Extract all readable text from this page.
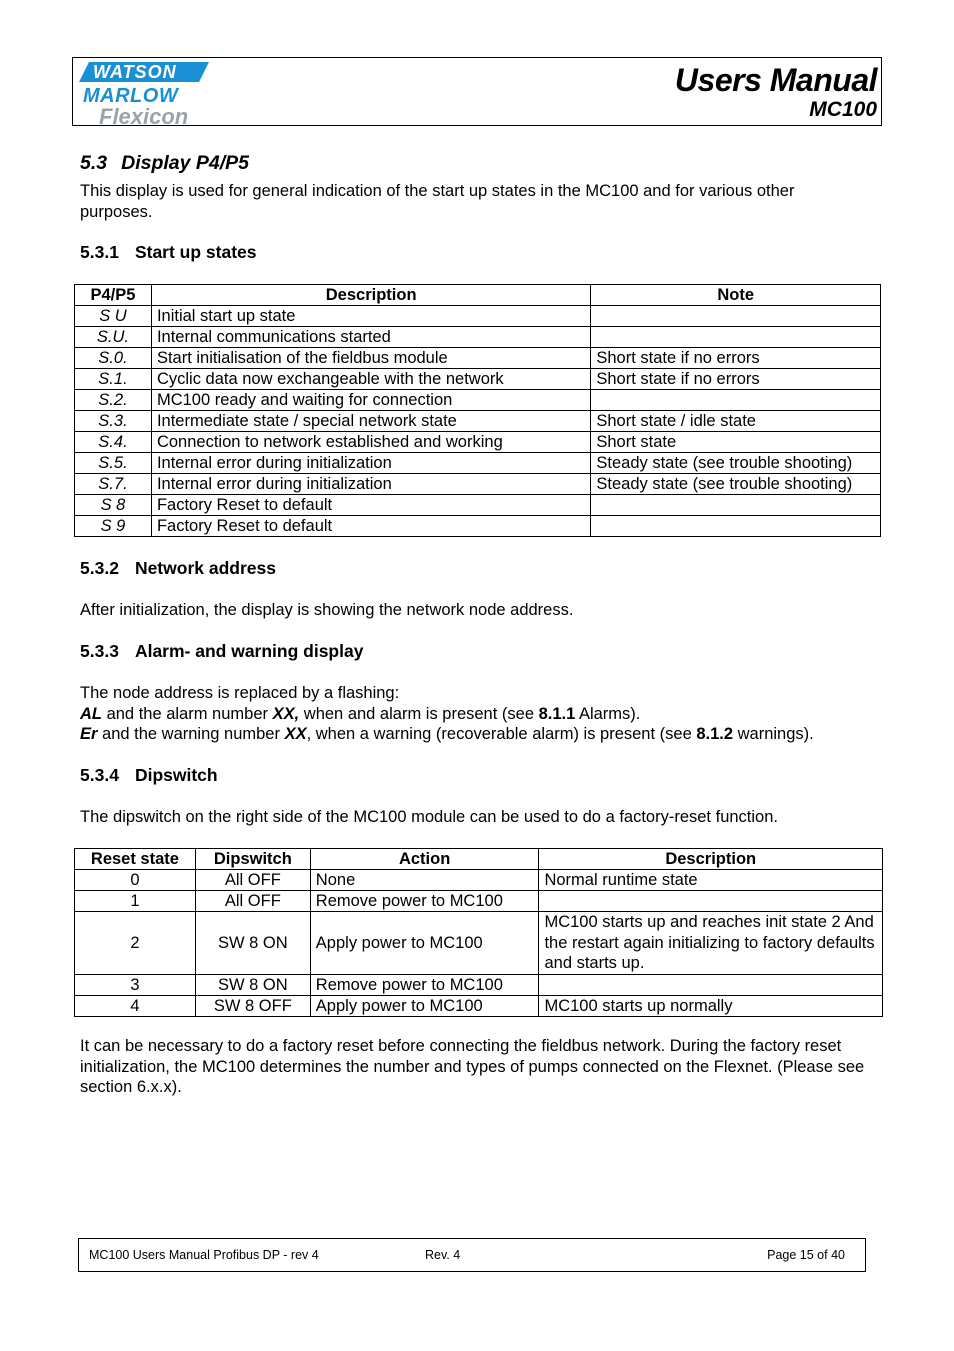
WATSON
MARLOW
Flexicon
Users Manual
MC100
5.3 Display P4/P5
This display is used for general indication of the start up states in the MC100 and for various other purposes.
5.3.1 Start up states
P4/P5	Description	Note
S U	Initial start up state	
S.U.	Internal communications started	
S.0.	Start initialisation of the fieldbus module	Short state if no errors
S.1.	Cyclic data now exchangeable with the network	Short state if no errors
S.2.	MC100 ready and waiting for connection	
S.3.	Intermediate state / special network state	Short state / idle state
S.4.	Connection to network established and working	Short state
S.5.	Internal error during initialization	Steady state (see trouble shooting)
S.7.	Internal error during initialization	Steady state (see trouble shooting)
S 8	Factory Reset to default	
S 9	Factory Reset to default	
5.3.2 Network address
After initialization, the display is showing the network node address.
5.3.3 Alarm- and warning display
The node address is replaced by a flashing:
AL and the alarm number XX, when and alarm is present (see 8.1.1 Alarms).
Er and the warning number XX, when a warning (recoverable alarm) is present (see 8.1.2 warnings).
5.3.4 Dipswitch
The dipswitch on the right side of the MC100 module can be used to do a factory-reset function.
Reset state	Dipswitch	Action	Description
0	All OFF	None	Normal runtime state
1	All OFF	Remove power to MC100	
2	SW 8 ON	Apply power to MC100	MC100 starts up and reaches init state 2 And the restart again initializing to factory defaults and starts up.
3	SW 8 ON	Remove power to MC100	
4	SW 8 OFF	Apply power to MC100	MC100 starts up normally
It can be necessary to do a factory reset before connecting the fieldbus network. During the factory reset initialization, the MC100 determines the number and types of pumps connected on the Flexnet. (Please see section 6.x.x).
MC100 Users Manual Profibus DP - rev 4	Rev. 4	Page 15 of 40
